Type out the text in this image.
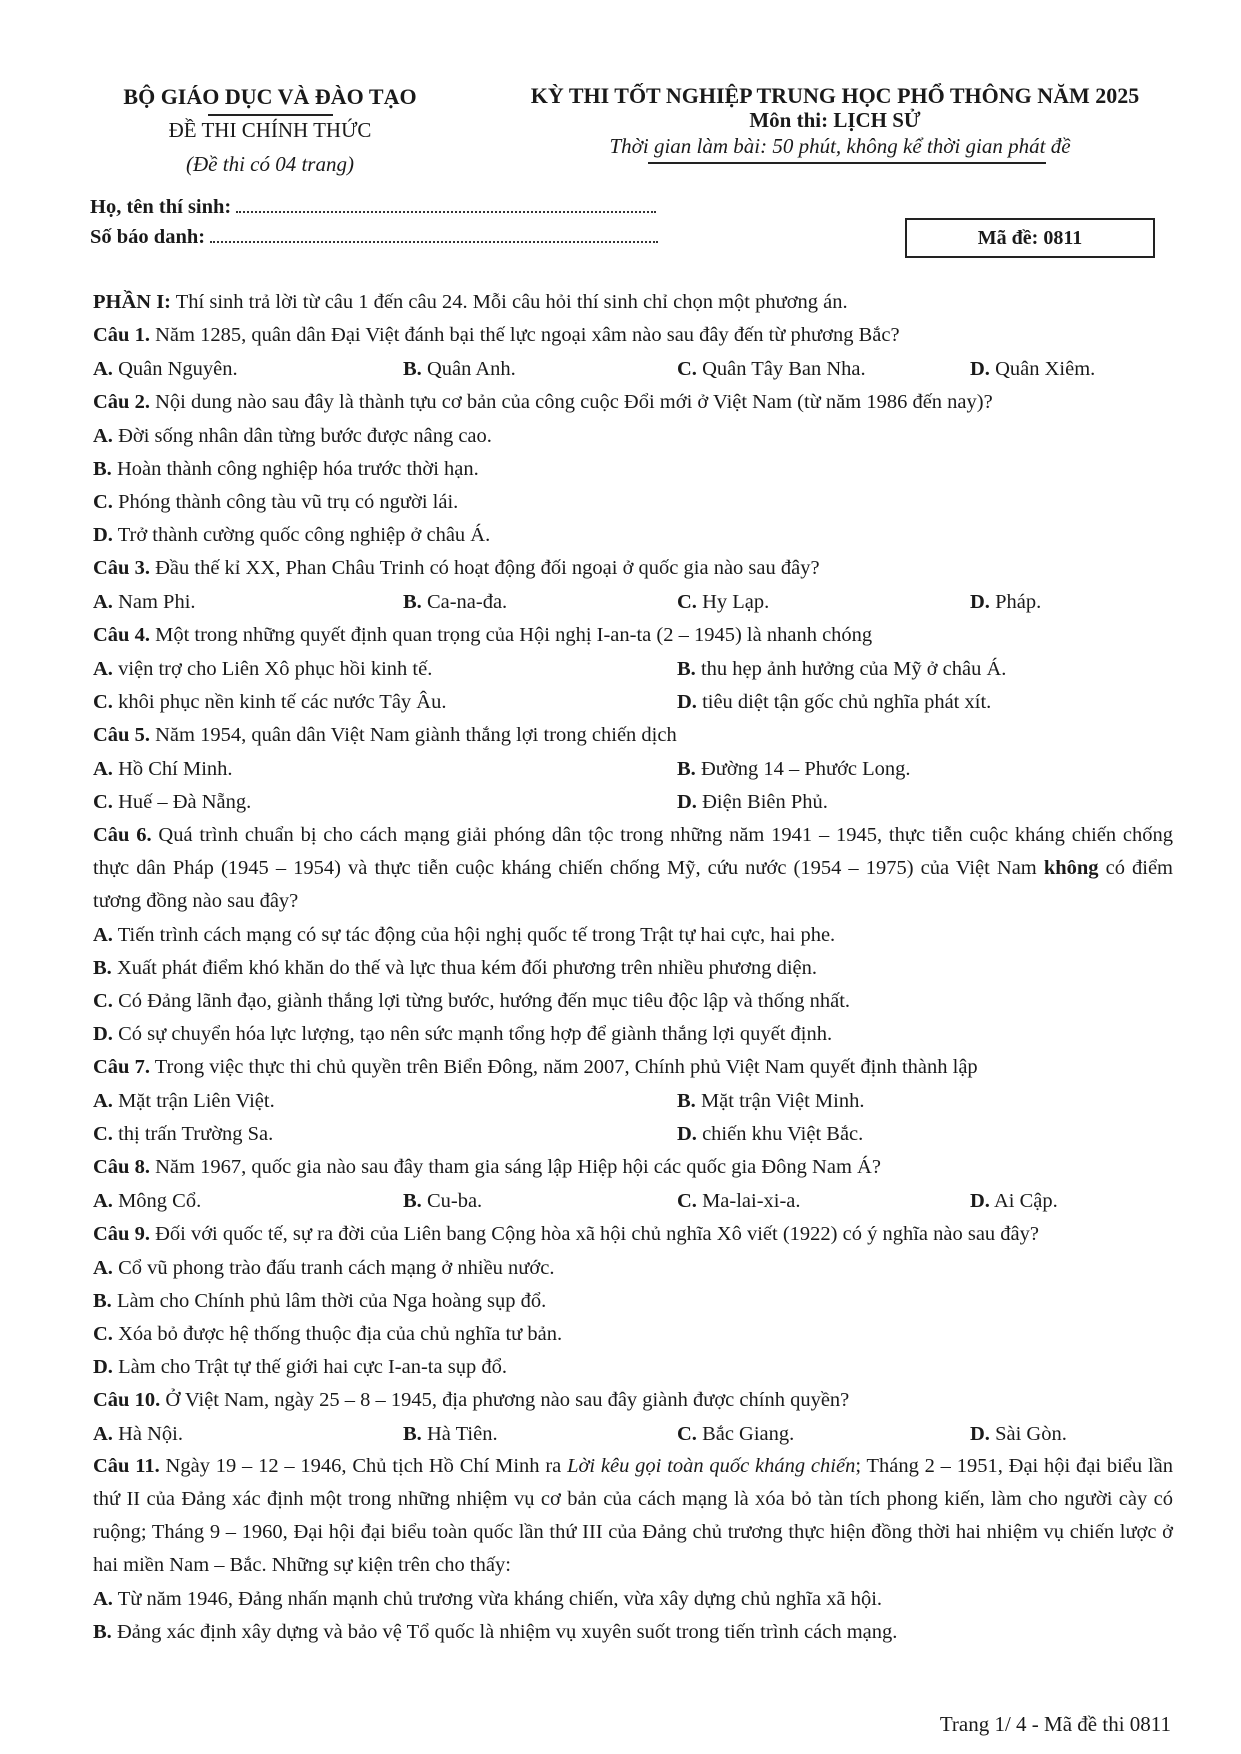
BỘ GIÁO DỤC VÀ ĐÀO TẠO
ĐỀ THI CHÍNH THỨC
(Đề thi có 04 trang)
KỲ THI TỐT NGHIỆP TRUNG HỌC PHỔ THÔNG NĂM 2025
Môn thi: LỊCH SỬ
Thời gian làm bài: 50 phút, không kể thời gian phát đề
Họ, tên thí sinh:
Số báo danh:	Mã đề: 0811
PHẦN I: Thí sinh trả lời từ câu 1 đến câu 24. Mỗi câu hỏi thí sinh chỉ chọn một phương án.
Câu 1. Năm 1285, quân dân Đại Việt đánh bại thế lực ngoại xâm nào sau đây đến từ phương Bắc?
A. Quân Nguyên.	B. Quân Anh.	C. Quân Tây Ban Nha.	D. Quân Xiêm.
Câu 2. Nội dung nào sau đây là thành tựu cơ bản của công cuộc Đổi mới ở Việt Nam (từ năm 1986 đến nay)?
A. Đời sống nhân dân từng bước được nâng cao.
B. Hoàn thành công nghiệp hóa trước thời hạn.
C. Phóng thành công tàu vũ trụ có người lái.
D. Trở thành cường quốc công nghiệp ở châu Á.
Câu 3. Đầu thế kỉ XX, Phan Châu Trinh có hoạt động đối ngoại ở quốc gia nào sau đây?
A. Nam Phi.	B. Ca-na-đa.	C. Hy Lạp.	D. Pháp.
Câu 4. Một trong những quyết định quan trọng của Hội nghị I-an-ta (2 – 1945) là nhanh chóng
A. viện trợ cho Liên Xô phục hồi kinh tế.	B. thu hẹp ảnh hưởng của Mỹ ở châu Á.
C. khôi phục nền kinh tế các nước Tây Âu.	D. tiêu diệt tận gốc chủ nghĩa phát xít.
Câu 5. Năm 1954, quân dân Việt Nam giành thắng lợi trong chiến dịch
A. Hồ Chí Minh.	B. Đường 14 – Phước Long.
C. Huế – Đà Nẵng.	D. Điện Biên Phủ.
Câu 6. Quá trình chuẩn bị cho cách mạng giải phóng dân tộc trong những năm 1941 – 1945, thực tiễn cuộc kháng chiến chống thực dân Pháp (1945 – 1954) và thực tiễn cuộc kháng chiến chống Mỹ, cứu nước (1954 – 1975) của Việt Nam không có điểm tương đồng nào sau đây?
A. Tiến trình cách mạng có sự tác động của hội nghị quốc tế trong Trật tự hai cực, hai phe.
B. Xuất phát điểm khó khăn do thế và lực thua kém đối phương trên nhiều phương diện.
C. Có Đảng lãnh đạo, giành thắng lợi từng bước, hướng đến mục tiêu độc lập và thống nhất.
D. Có sự chuyển hóa lực lượng, tạo nên sức mạnh tổng hợp để giành thắng lợi quyết định.
Câu 7. Trong việc thực thi chủ quyền trên Biển Đông, năm 2007, Chính phủ Việt Nam quyết định thành lập
A. Mặt trận Liên Việt.	B. Mặt trận Việt Minh.
C. thị trấn Trường Sa.	D. chiến khu Việt Bắc.
Câu 8. Năm 1967, quốc gia nào sau đây tham gia sáng lập Hiệp hội các quốc gia Đông Nam Á?
A. Mông Cổ.	B. Cu-ba.	C. Ma-lai-xi-a.	D. Ai Cập.
Câu 9. Đối với quốc tế, sự ra đời của Liên bang Cộng hòa xã hội chủ nghĩa Xô viết (1922) có ý nghĩa nào sau đây?
A. Cổ vũ phong trào đấu tranh cách mạng ở nhiều nước.
B. Làm cho Chính phủ lâm thời của Nga hoàng sụp đổ.
C. Xóa bỏ được hệ thống thuộc địa của chủ nghĩa tư bản.
D. Làm cho Trật tự thế giới hai cực I-an-ta sụp đổ.
Câu 10. Ở Việt Nam, ngày 25 – 8 – 1945, địa phương nào sau đây giành được chính quyền?
A. Hà Nội.	B. Hà Tiên.	C. Bắc Giang.	D. Sài Gòn.
Câu 11. Ngày 19 – 12 – 1946, Chủ tịch Hồ Chí Minh ra Lời kêu gọi toàn quốc kháng chiến; Tháng 2 – 1951, Đại hội đại biểu lần thứ II của Đảng xác định một trong những nhiệm vụ cơ bản của cách mạng là xóa bỏ tàn tích phong kiến, làm cho người cày có ruộng; Tháng 9 – 1960, Đại hội đại biểu toàn quốc lần thứ III của Đảng chủ trương thực hiện đồng thời hai nhiệm vụ chiến lược ở hai miền Nam – Bắc. Những sự kiện trên cho thấy:
A. Từ năm 1946, Đảng nhấn mạnh chủ trương vừa kháng chiến, vừa xây dựng chủ nghĩa xã hội.
B. Đảng xác định xây dựng và bảo vệ Tổ quốc là nhiệm vụ xuyên suốt trong tiến trình cách mạng.
Trang 1/ 4 - Mã đề thi 0811
